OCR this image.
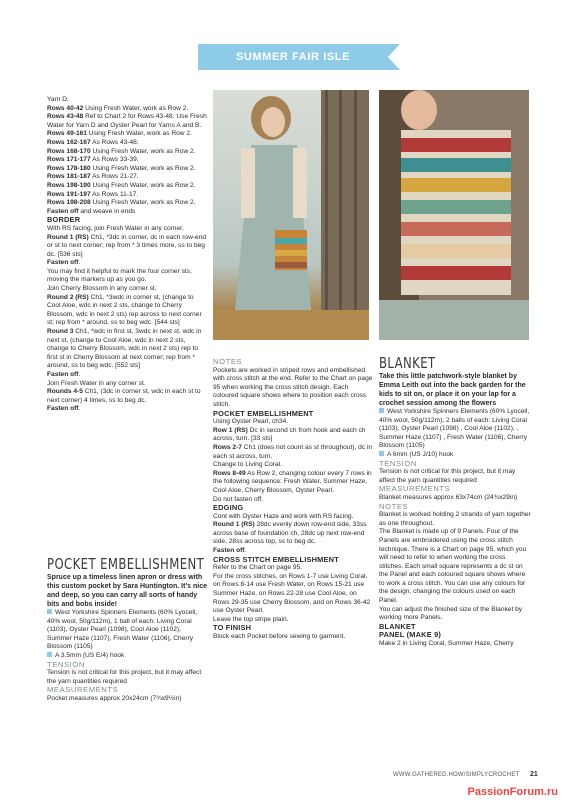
SUMMER FAIR ISLE COLLECTION

Yarn D.

Rows 40-42 Using Fresh Water, work as Row 2.

Rows 43-48 Ref to Chart 2 for Rows 43-48. Use Fresh Water for Yarn D and Oyster Pearl for Yarns A and B.

Rows 49-161 Using Fresh Water, work as Row 2.

Rows 162-167 As Rows 43-48.

Rows 168-170 Using Fresh Water, work as Row 2.

Rows 171-177 As Rows 33-39.

Rows 178-180 Using Fresh Water, work as Row 2.

Rows 181-187 As Rows 21-27.

Rows 198-190 Using Fresh Water, work as Row 2.

Rows 191-197 As Rows 11-17.

Rows 198-208 Using Fresh Water, work as Row 2.

Fasten off and weave in ends

BORDER

With RS facing, join Fresh Water in any corner.

Round 1 (RS) Ch1, *3dc in corner, dc in each row-end or st to next corner; rep from * 3 times more, ss to beg dc. [536 sts]

Fasten off.

You may find it helpful to mark the four corner sts, moving the markers up as you go.

Join Cherry Blossom in any corner st.

Round 2 (RS) Ch1, *3wdc in corner st, (change to Cool Aloe, wdc in next 2 sts, change to Cherry Blossom, wdc in next 2 sts) rep across to next corner st; rep from * around, ss to beg wdc. [544 sts]

Round 3 Ch1, *wdc in first st, 3wdc in next st, wdc in next st, (change to Cool Aloe, wdc in next 2 sts, change to Cherry Blossom, wdc in next 2 sts) rep to first st in Cherry Blossom at next corner; rep from * around, ss to beg wdc. [552 sts]

Fasten off.

Join Fresh Water in any corner st.

Rounds 4-5 Ch1, (3dc in corner st, wdc in each st to next corner) 4 times, ss to beg dc.

Fasten off.

POCKET EMBELLISHMENT

Spruce up a timeless linen apron or dress with this custom pocket by Sara Huntington. It’s nice and deep, so you can carry all sorts of handy bits and bobs inside!

West Yorkshire Spinners Elements (60% Lyocell, 40% wool, 50g/112m), 1 ball of each: Living Coral (1103), Oyster Pearl (1098), Cool Aloe (1102), Summer Haze (1107), Fresh Water (1106), Cherry Blossom (1105)

A 3.5mm (US E/4) hook

TENSION

Tension is not critical for this project, but it may affect the yarn quantities required

MEASUREMENTS

Pocket measures approx 20x24cm (7¾x9½in)

NOTES

Pockets are worked in striped rows and embellished with cross stitch at the end. Refer to the Chart on page 95 when working the cross stitch design. Each coloured square shows where to position each cross stitch.

POCKET EMBELLISHMENT

Using Oyster Pearl, ch34.

Row 1 (RS) Dc in second ch from hook and each ch across, turn. [33 sts]

Rows 2-7 Ch1 (does not count as st throughout), dc in each st across, turn.

Change to Living Coral.

Rows 8-49 As Row 2, changing colour every 7 rows in the following sequence: Fresh Water, Summer Haze, Cool Aloe, Cherry Blossom, Oyster Pearl.

Do not fasten off.

EDGING

Cont with Oyster Haze and work with RS facing.

Round 1 (RS) 28dc evenly down row-end side, 33ss across base of foundation ch, 28dc up next row-end side, 28ss across top, ss to beg dc.

Fasten off.

CROSS STITCH EMBELLISHMENT

Refer to the Chart on page 95.

For the cross stitches, on Rows 1-7 use Living Coral, on Rows 8-14 use Fresh Water, on Rows 15-21 use Summer Haze, on Rows 22-28 use Cool Aloe, on Rows 29-35 use Cherry Blossom, and on Rows 36-42 use Oyster Pearl.

Leave the top stripe plain.

TO FINISH

Block each Pocket before sewing to garment.

BLANKET

Take this little patchwork-style blanket by Emma Leith out into the back garden for the kids to sit on, or place it on your lap for a crochet session among the flowers

West Yorkshire Spinners Elements (60% Lyocell, 40% wool, 50g/112m), 2 balls of each: Living Coral (1103), Oyster Pearl (1098) , Cool Aloe (1102), , Summer Haze (1107) , Fresh Water (1106), Cherry Blossom (1105)

A 6mm (US J/10) hook

TENSION

Tension is not critical for this project, but it may affect the yarn quantities required

MEASUREMENTS

Blanket measures approx 63x74cm (24¾x29in)

NOTES

Blanket is worked holding 2 strands of yarn together as one throughout.

The Blanket is made up of 9 Panels. Four of the Panels are embroidered using the cross stitch technique. There is a Chart on page 95, which you will need to refer to when working the cross stitches. Each small square represents a dc st on the Panel and each coloured square shows where to work a cross stitch. You can use any colours for the design, changing the colours used on each Panel.

You can adjust the finished size of the Blanket by working more Panels.

BLANKET

PANEL (MAKE 9)

Make 2 in Living Coral, Summer Haze, Cherry

WWW.GATHERED.HOW/SIMPLYCROCHET 21
PassionForum.ru
